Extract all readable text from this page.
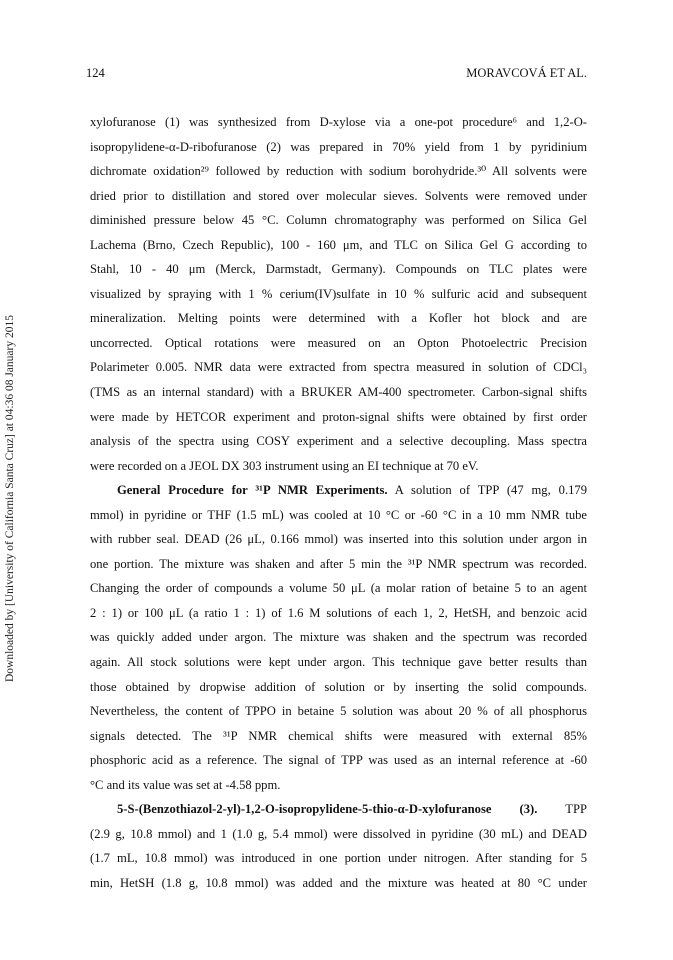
124	MORAVCOVÁ ET AL.
Downloaded by [University of California Santa Cruz] at 04:36 08 January 2015
xylofuranose (1) was synthesized from D-xylose via a one-pot procedure⁶ and 1,2-O-
isopropylidene-α-D-ribofuranose (2) was prepared in 70% yield from 1 by pyridinium
dichromate oxidation²⁹ followed by reduction with sodium borohydride.³⁰ All solvents were
dried prior to distillation and stored over molecular sieves. Solvents were removed under
diminished pressure below 45 °C. Column chromatography was performed on Silica Gel
Lachema (Brno, Czech Republic), 100 - 160 μm, and TLC on Silica Gel G according to
Stahl, 10 - 40 μm (Merck, Darmstadt, Germany). Compounds on TLC plates were
visualized by spraying with 1 % cerium(IV)sulfate in 10 % sulfuric acid and subsequent
mineralization. Melting points were determined with a Kofler hot block and are
uncorrected. Optical rotations were measured on an Opton Photoelectric Precision
Polarimeter 0.005. NMR data were extracted from spectra measured in solution of CDCl₃
(TMS as an internal standard) with a BRUKER AM-400 spectrometer. Carbon-signal shifts
were made by HETCOR experiment and proton-signal shifts were obtained by first order
analysis of the spectra using COSY experiment and a selective decoupling. Mass spectra
were recorded on a JEOL DX 303 instrument using an EI technique at 70 eV.
General Procedure for ³¹P NMR Experiments. A solution of TPP (47 mg, 0.179
mmol) in pyridine or THF (1.5 mL) was cooled at 10 °C or -60 °C in a 10 mm NMR tube
with rubber seal. DEAD (26 μL, 0.166 mmol) was inserted into this solution under argon in
one portion. The mixture was shaken and after 5 min the ³¹P NMR spectrum was recorded.
Changing the order of compounds a volume 50 μL (a molar ration of betaine 5 to an agent
2 : 1) or 100 μL (a ratio 1 : 1) of 1.6 M solutions of each 1, 2, HetSH, and benzoic acid
was quickly added under argon. The mixture was shaken and the spectrum was recorded
again. All stock solutions were kept under argon. This technique gave better results than
those obtained by dropwise addition of solution or by inserting the solid compounds.
Nevertheless, the content of TPPO in betaine 5 solution was about 20 % of all phosphorus
signals detected. The ³¹P NMR chemical shifts were measured with external 85%
phosphoric acid as a reference. The signal of TPP was used as an internal reference at -60
°C and its value was set at -4.58 ppm.
5-S-(Benzothiazol-2-yl)-1,2-O-isopropylidene-5-thio-α-D-xylofuranose (3). TPP
(2.9 g, 10.8 mmol) and 1 (1.0 g, 5.4 mmol) were dissolved in pyridine (30 mL) and DEAD
(1.7 mL, 10.8 mmol) was introduced in one portion under nitrogen. After standing for 5
min, HetSH (1.8 g, 10.8 mmol) was added and the mixture was heated at 80 °C under
